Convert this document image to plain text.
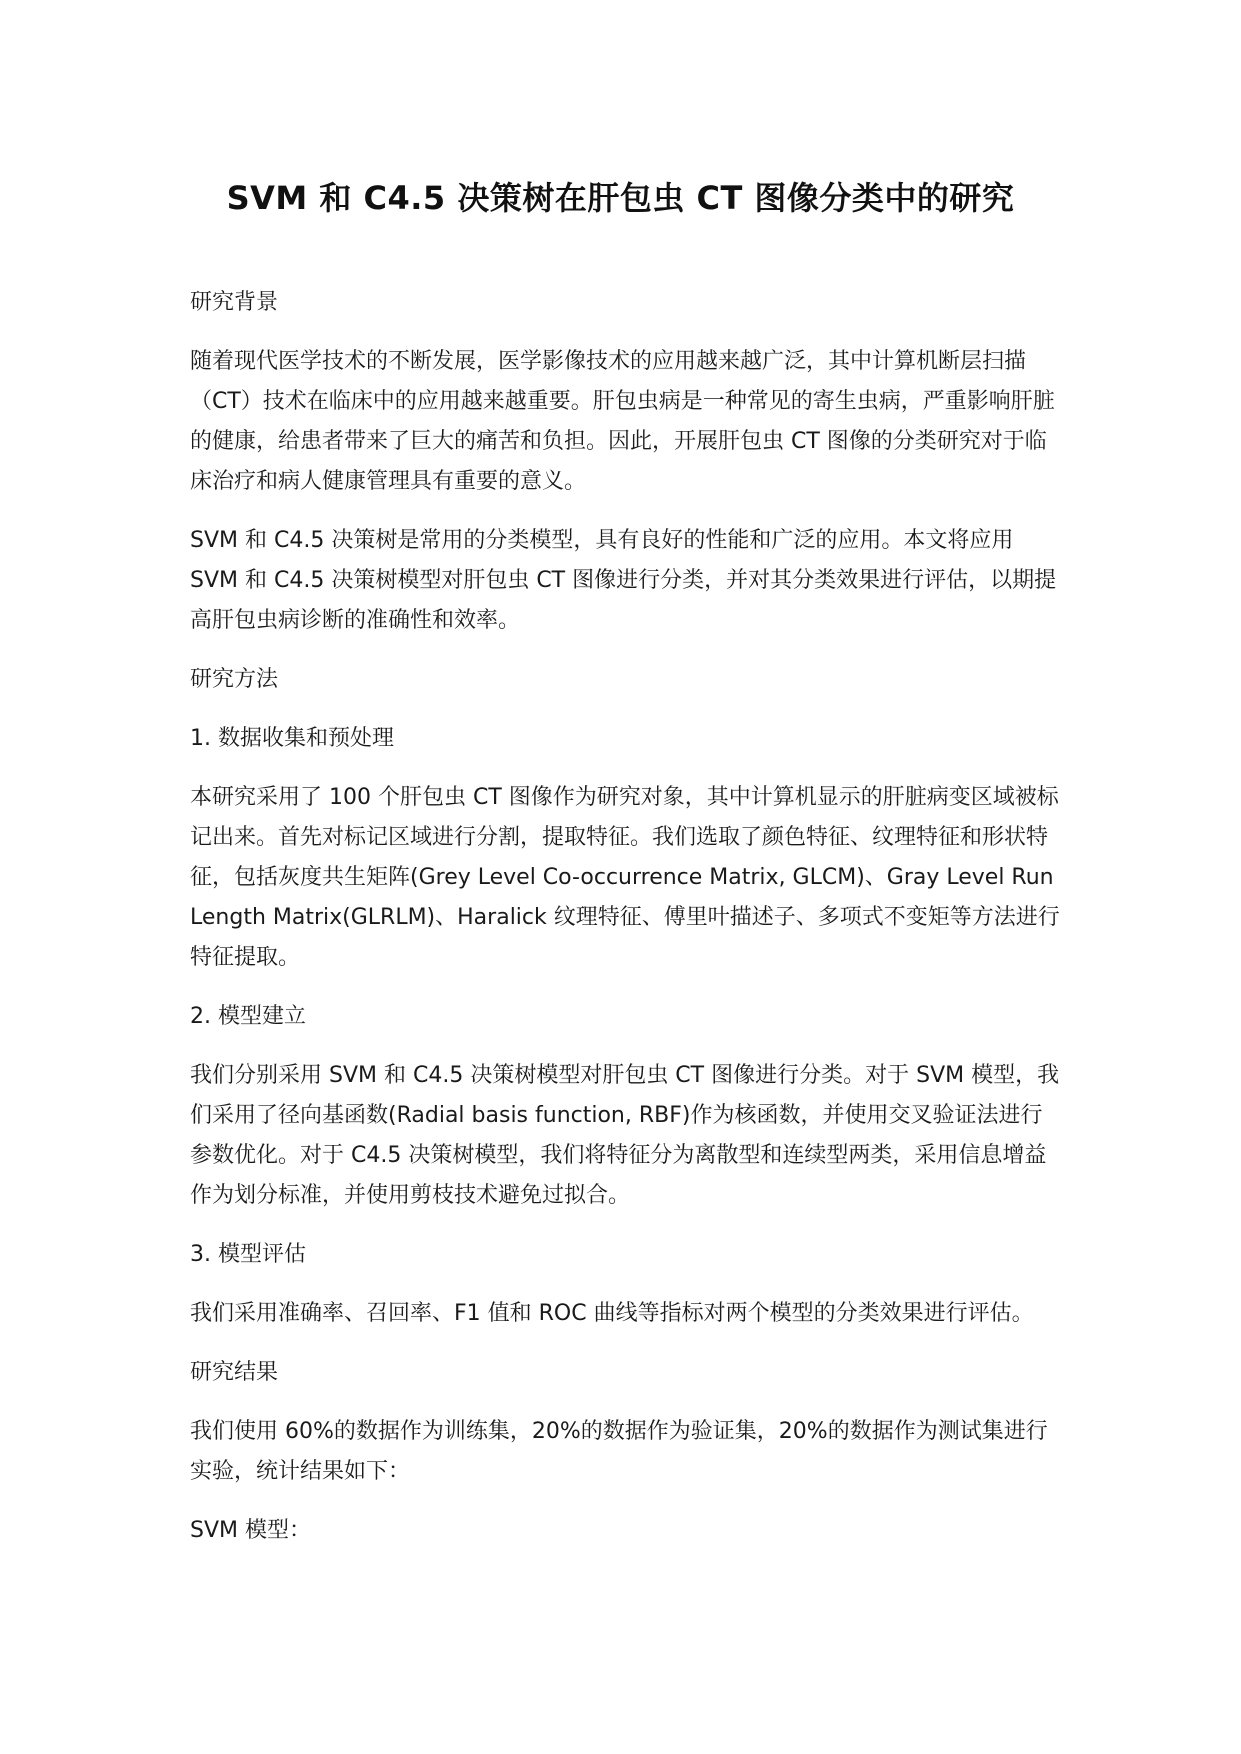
SVM 和 C4.5 决策树在肝包虫 CT 图像分类中的研究

研究背景

随着现代医学技术的不断发展，医学影像技术的应用越来越广泛，其中计算机断层扫描（CT）技术在临床中的应用越来越重要。肝包虫病是一种常见的寄生虫病，严重影响肝脏的健康，给患者带来了巨大的痛苦和负担。因此，开展肝包虫 CT 图像的分类研究对于临床治疗和病人健康管理具有重要的意义。

SVM 和 C4.5 决策树是常用的分类模型，具有良好的性能和广泛的应用。本文将应用 SVM 和 C4.5 决策树模型对肝包虫 CT 图像进行分类，并对其分类效果进行评估，以期提高肝包虫病诊断的准确性和效率。

研究方法

1. 数据收集和预处理

本研究采用了 100 个肝包虫 CT 图像作为研究对象，其中计算机显示的肝脏病变区域被标记出来。首先对标记区域进行分割，提取特征。我们选取了颜色特征、纹理特征和形状特征，包括灰度共生矩阵(Grey Level Co-occurrence Matrix, GLCM)、Gray Level Run Length Matrix(GLRLM)、Haralick 纹理特征、傅里叶描述子、多项式不变矩等方法进行特征提取。

2. 模型建立

我们分别采用 SVM 和 C4.5 决策树模型对肝包虫 CT 图像进行分类。对于 SVM 模型，我们采用了径向基函数(Radial basis function, RBF)作为核函数，并使用交叉验证法进行参数优化。对于 C4.5 决策树模型，我们将特征分为离散型和连续型两类，采用信息增益作为划分标准，并使用剪枝技术避免过拟合。

3. 模型评估

我们采用准确率、召回率、F1 值和 ROC 曲线等指标对两个模型的分类效果进行评估。

研究结果

我们使用 60%的数据作为训练集，20%的数据作为验证集，20%的数据作为测试集进行实验，统计结果如下：

SVM 模型：
